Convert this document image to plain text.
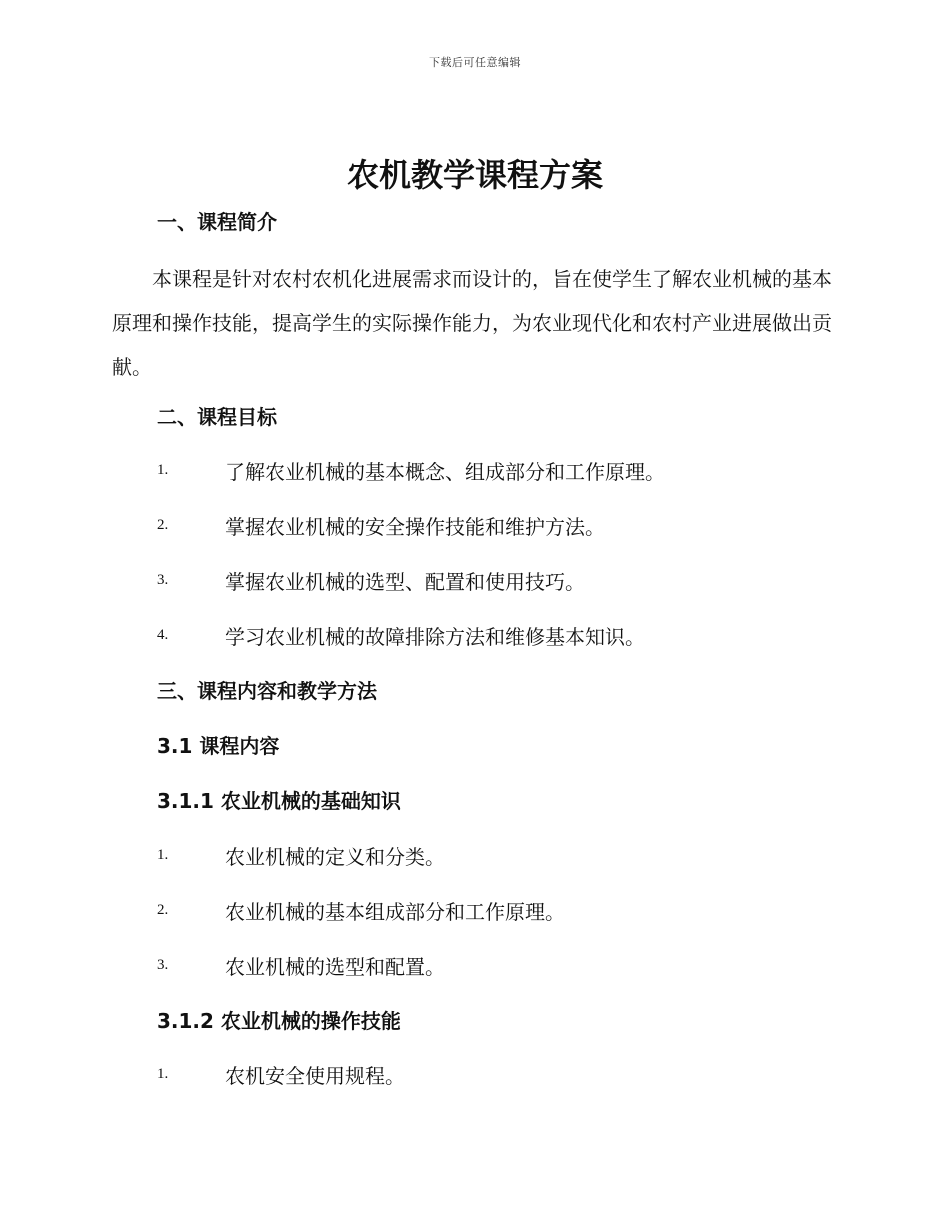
下载后可任意编辑
农机教学课程方案
一、课程简介

本课程是针对农村农机化进展需求而设计的，旨在使学生了解农业机械的基本原理和操作技能，提高学生的实际操作能力，为农业现代化和农村产业进展做出贡献。

二、课程目标
1.	了解农业机械的基本概念、组成部分和工作原理。
2.	掌握农业机械的安全操作技能和维护方法。
3.	掌握农业机械的选型、配置和使用技巧。
4.	学习农业机械的故障排除方法和维修基本知识。
三、课程内容和教学方法
3.1 课程内容
3.1.1 农业机械的基础知识
1.	农业机械的定义和分类。
2.	农业机械的基本组成部分和工作原理。
3.	农业机械的选型和配置。
3.1.2 农业机械的操作技能
1.	农机安全使用规程。
